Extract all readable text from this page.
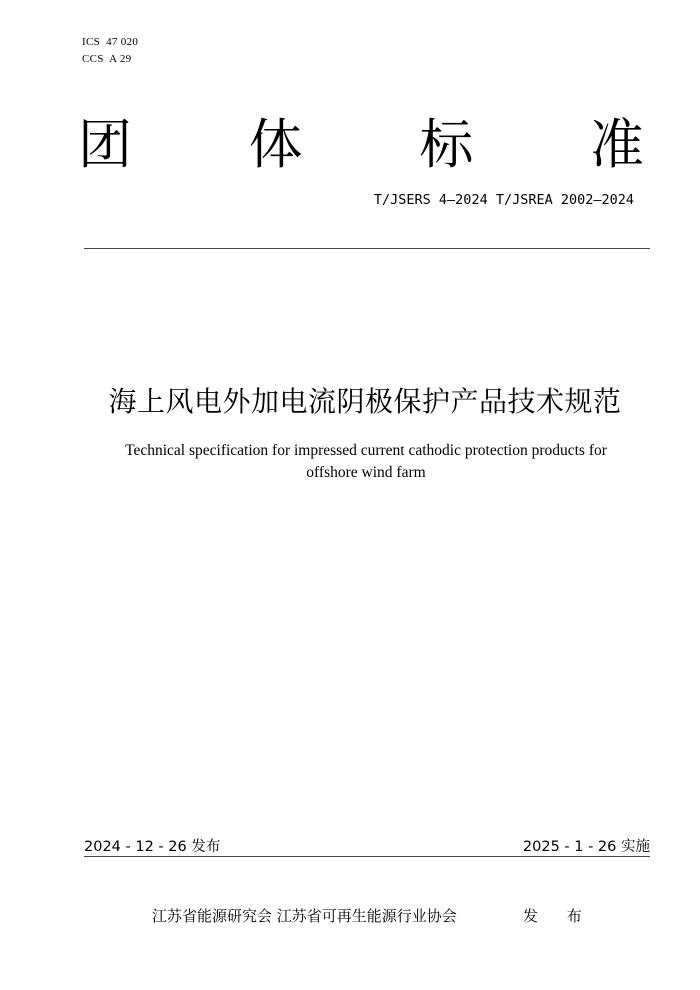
ICS  47 020
CCS  A 29
团 体 标 准
T/JSERS 4—2024 T/JSREA 2002—2024
海上风电外加电流阴极保护产品技术规范
Technical specification for impressed current cathodic protection products for
offshore wind farm
2024 - 12 - 26 发布	2025 - 1 - 26 实施
江苏省能源研究会 江苏省可再生能源行业协会	发 布
